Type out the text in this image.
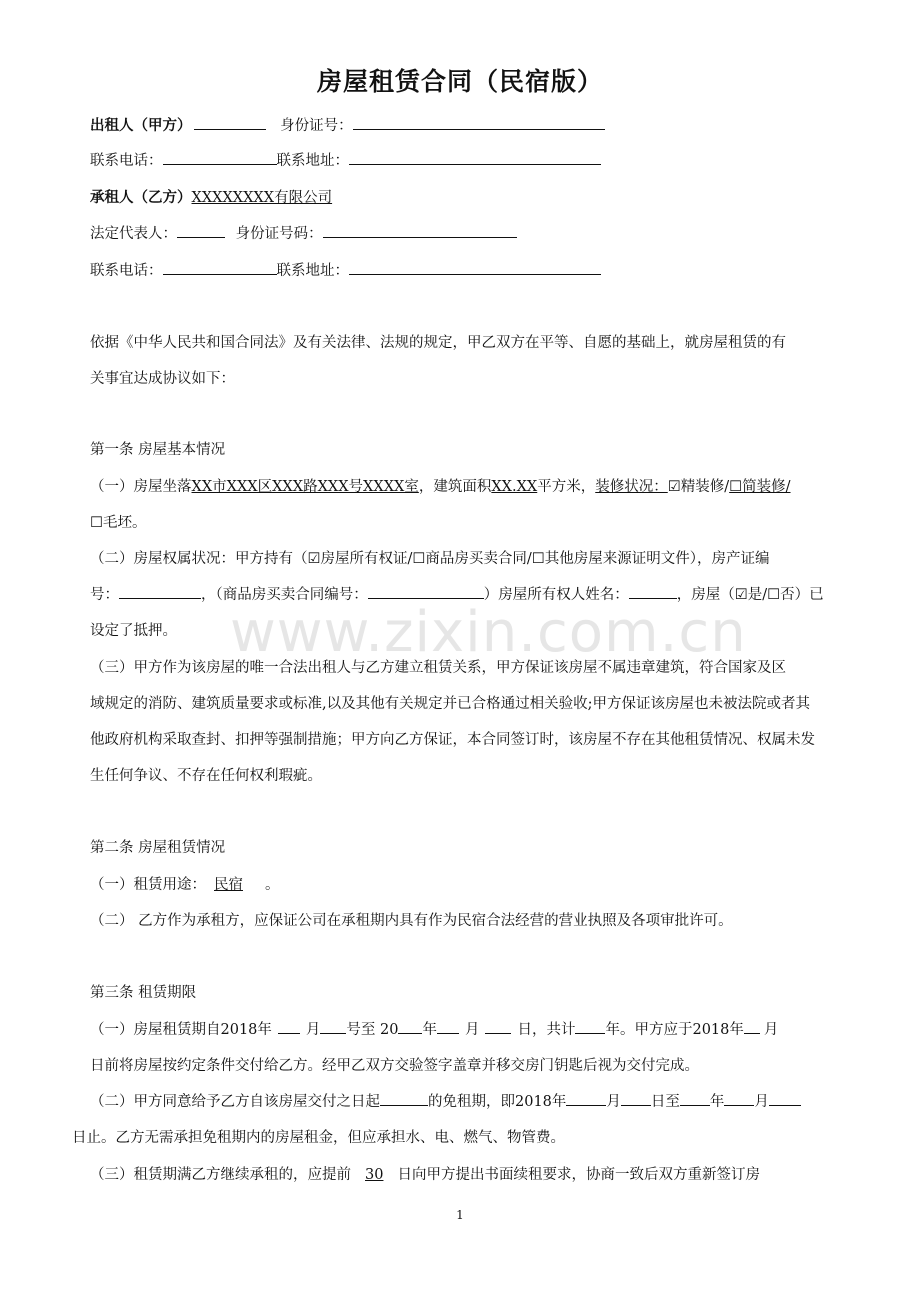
www.zixin.com.cn
房屋租赁合同（民宿版）
出租人（甲方）	身份证号：
联系电话：	联系地址：
承租人（乙方）XXXXXXXX有限公司
法定代表人：	身份证号码：
联系电话：	联系地址：
依据《中华人民共和国合同法》及有关法律、法规的规定，甲乙双方在平等、自愿的基础上，就房屋租赁的有
关事宜达成协议如下：
第一条 房屋基本情况
（一）房屋坐落XX市XXX区XXX路XXX号XXXX室，建筑面积XX.XX平方米，装修状况：☑精装修/☐简装修/
☐毛坯。
（二）房屋权属状况：甲方持有（☑房屋所有权证/☐商品房买卖合同/☐其他房屋来源证明文件），房产证编
号：	，（商品房买卖合同编号：	）房屋所有权人姓名：	，房屋（☑是/☐否）已
设定了抵押。
（三）甲方作为该房屋的唯一合法出租人与乙方建立租赁关系，甲方保证该房屋不属违章建筑，符合国家及区
域规定的消防、建筑质量要求或标准,以及其他有关规定并已合格通过相关验收;甲方保证该房屋也未被法院或者其
他政府机构采取查封、扣押等强制措施；甲方向乙方保证，本合同签订时，该房屋不存在其他租赁情况、权属未发
生任何争议、不存在任何权利瑕疵。
第二条 房屋租赁情况
（一）租赁用途： 民宿 。
（二） 乙方作为承租方，应保证公司在承租期内具有作为民宿合法经营的营业执照及各项审批许可。
第三条 租赁期限
（一）房屋租赁期自2018年 月 号至 20 年 月	日，共计 年。甲方应于2018年 月
日前将房屋按约定条件交付给乙方。经甲乙双方交验签字盖章并移交房门钥匙后视为交付完成。
（二）甲方同意给予乙方自该房屋交付之日起	的免租期，即2018年	月 日至 年 月
日止。乙方无需承担免租期内的房屋租金，但应承担水、电、燃气、物管费。
（三）租赁期满乙方继续承租的，应提前 30 日向甲方提出书面续租要求，协商一致后双方重新签订房
1
